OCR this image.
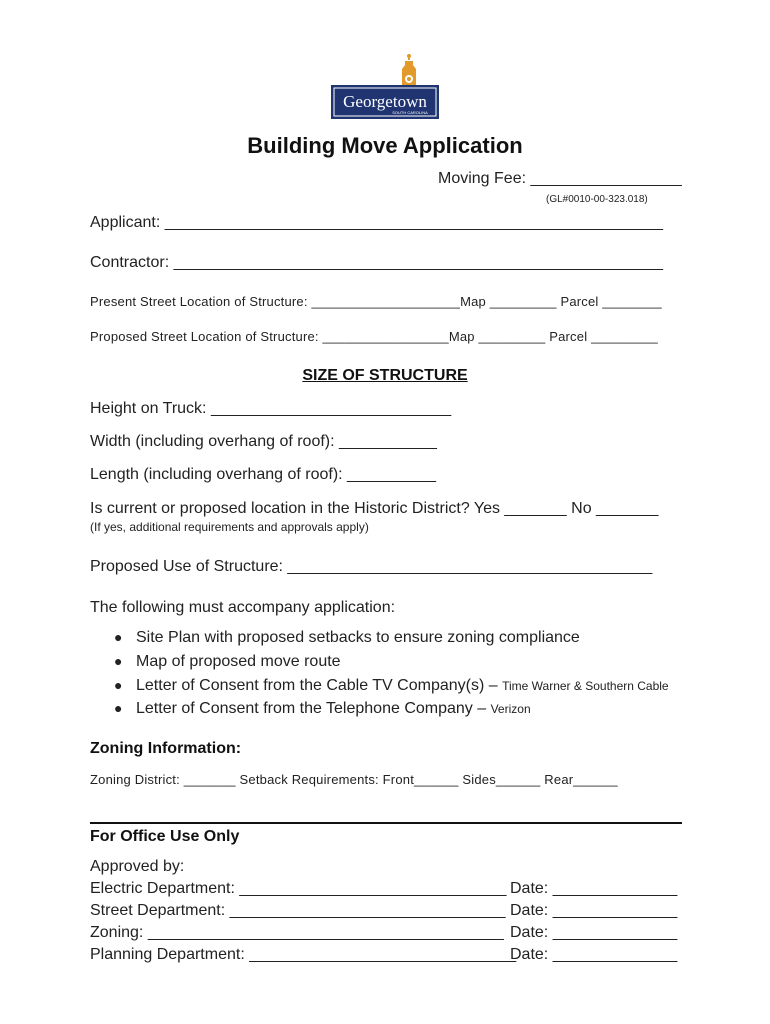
Georgetown
SOUTH CAROLINA
Building Move Application
Moving Fee: _________________
(GL#0010-00-323.018)
Applicant: ________________________________________________________
Contractor: _______________________________________________________
Present Street Location of Structure: ____________________Map _________ Parcel ________
Proposed Street Location of Structure: _________________Map _________ Parcel _________
SIZE OF STRUCTURE
Height on Truck: ___________________________
Width (including overhang of roof): ___________
Length (including overhang of roof): __________
Is current or proposed location in the Historic District? Yes _______ No _______
(If yes, additional requirements and approvals apply)
Proposed Use of Structure: _________________________________________
The following must accompany application:
● Site Plan with proposed setbacks to ensure zoning compliance
● Map of proposed move route
● Letter of Consent from the Cable TV Company(s) – Time Warner & Southern Cable
● Letter of Consent from the Telephone Company – Verizon
Zoning Information:
Zoning District: _______ Setback Requirements: Front______ Sides______ Rear______
For Office Use Only
Approved by:
Electric Department: ______________________________ Date: ______________
Street Department: _______________________________ Date: ______________
Zoning: ________________________________________ Date: ______________
Planning Department: ______________________________
Date: ______________
